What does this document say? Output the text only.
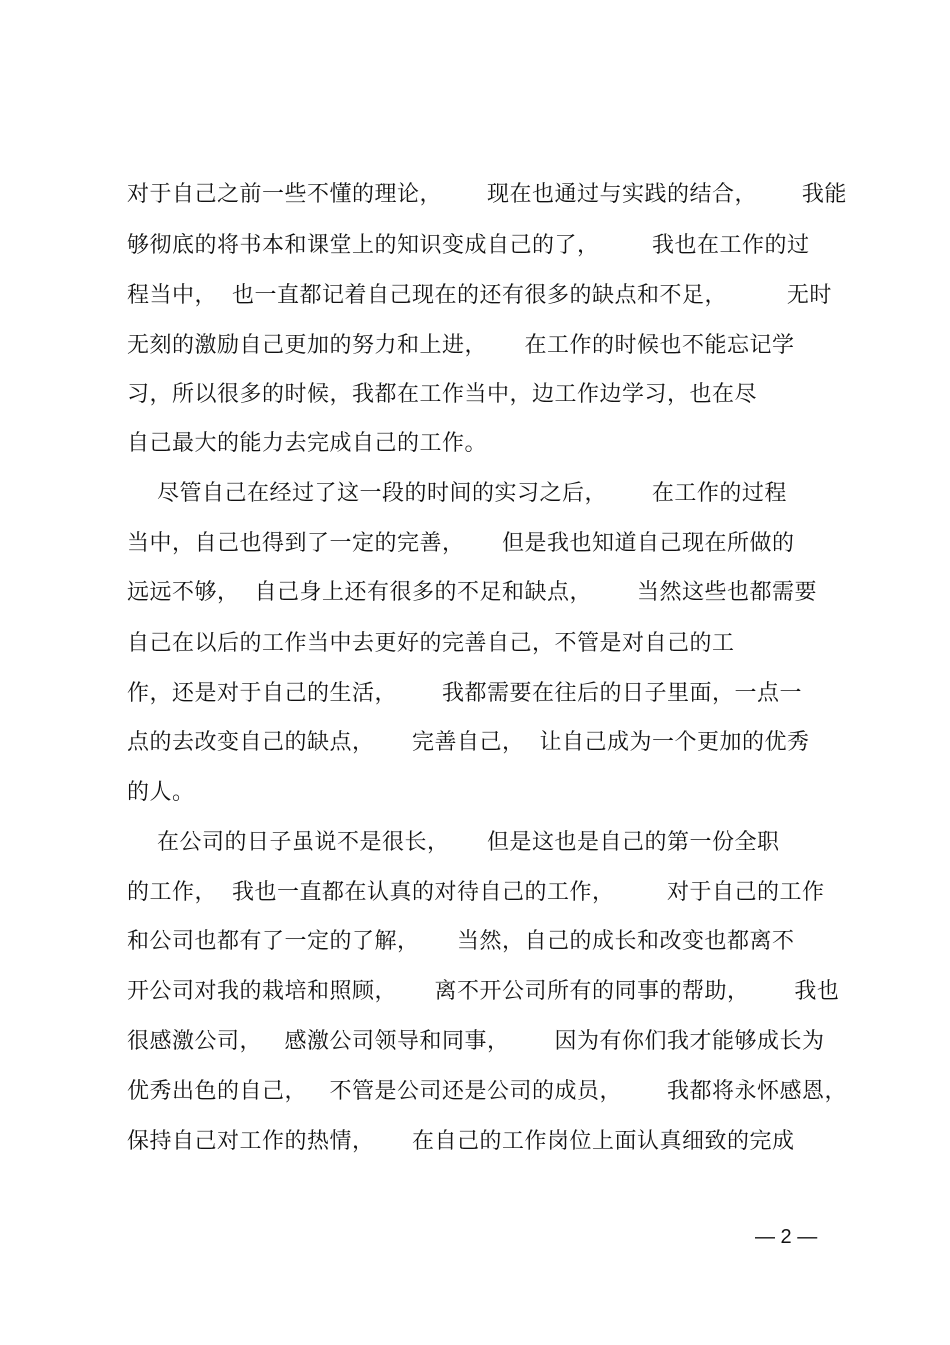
对于自己之前一些不懂的理论，      现在也通过与实践的结合，      我能
够彻底的将书本和课堂上的知识变成自己的了，       我也在工作的过
程当中，  也一直都记着自己现在的还有很多的缺点和不足，        无时
无刻的激励自己更加的努力和上进，     在工作的时候也不能忘记学
习，所以很多的时候，我都在工作当中，边工作边学习，也在尽
自己最大的能力去完成自己的工作。
尽管自己在经过了这一段的时间的实习之后，      在工作的过程
当中，自己也得到了一定的完善，     但是我也知道自己现在所做的
远远不够，  自己身上还有很多的不足和缺点，      当然这些也都需要
自己在以后的工作当中去更好的完善自己，不管是对自己的工
作，还是对于自己的生活，      我都需要在往后的日子里面，一点一
点的去改变自己的缺点，     完善自己，  让自己成为一个更加的优秀
的人。
在公司的日子虽说不是很长，     但是这也是自己的第一份全职
的工作，  我也一直都在认真的对待自己的工作，       对于自己的工作
和公司也都有了一定的了解，     当然，自己的成长和改变也都离不
开公司对我的栽培和照顾，     离不开公司所有的同事的帮助，      我也
很感激公司，   感激公司领导和同事，      因为有你们我才能够成长为
优秀出色的自己，   不管是公司还是公司的成员，      我都将永怀感恩，
保持自己对工作的热情，     在自己的工作岗位上面认真细致的完成
— 2 —
